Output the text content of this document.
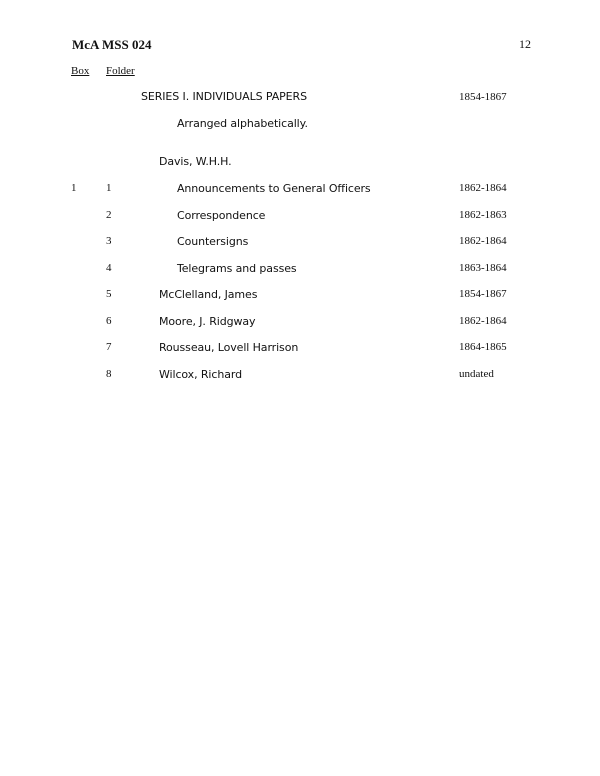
McA MSS 024	12
Box Folder
SERIES I. INDIVIDUALS PAPERS	1854-1867
Arranged alphabetically.
Davis, W.H.H.
1	1	Announcements to General Officers	1862-1864
2	Correspondence	1862-1863
3	Countersigns	1862-1864
4	Telegrams and passes	1863-1864
5	McClelland, James	1854-1867
6	Moore, J. Ridgway	1862-1864
7	Rousseau, Lovell Harrison	1864-1865
8	Wilcox, Richard	undated
